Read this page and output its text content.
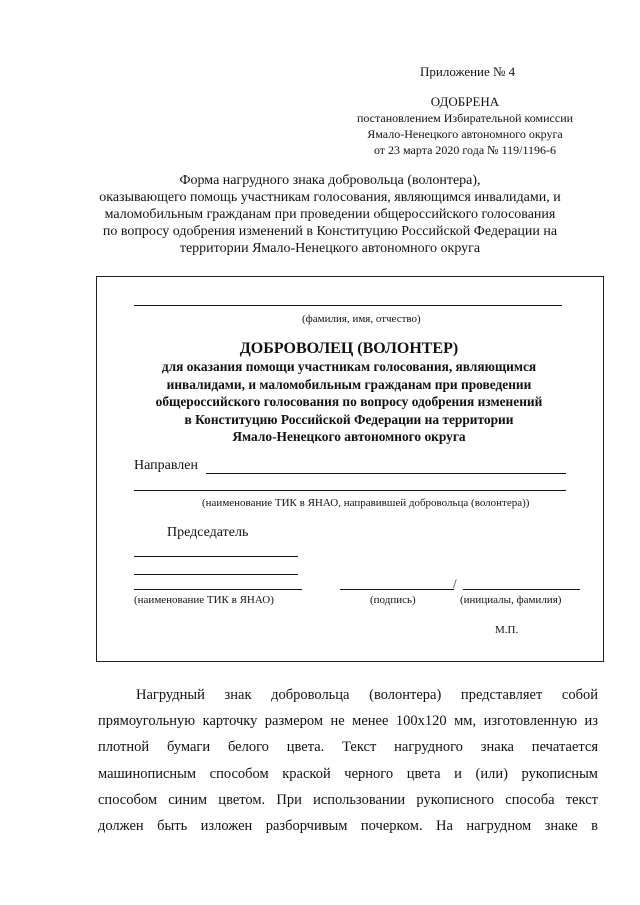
Приложение № 4
ОДОБРЕНА
постановлением Избирательной комиссии
Ямало-Ненецкого автономного округа
от 23 марта 2020 года № 119/1196-6
Форма нагрудного знака добровольца (волонтера),
оказывающего помощь участникам голосования, являющимся инвалидами, и
маломобильным гражданам при проведении общероссийского голосования
по вопросу одобрения изменений в Конституцию Российской Федерации на
территории Ямало-Ненецкого автономного округа
(фамилия, имя, отчество)
ДОБРОВОЛЕЦ (ВОЛОНТЕР)
для оказания помощи участникам голосования, являющимся
инвалидами, и маломобильным гражданам при проведении
общероссийского голосования по вопросу одобрения изменений
в Конституцию Российской Федерации на территории
Ямало-Ненецкого автономного округа
Направлен
(наименование ТИК в ЯНАО, направившей добровольца (волонтера))
Председатель
/
(наименование ТИК в ЯНАО)	(подпись)	(инициалы, фамилия)
М.П.
Нагрудный знак добровольца (волонтера) представляет собой
прямоугольную карточку размером не менее 100х120 мм, изготовленную из
плотной бумаги белого цвета. Текст нагрудного знака печатается
машинописным способом краской черного цвета и (или) рукописным
способом синим цветом. При использовании рукописного способа текст
должен быть изложен разборчивым почерком. На нагрудном знаке в
